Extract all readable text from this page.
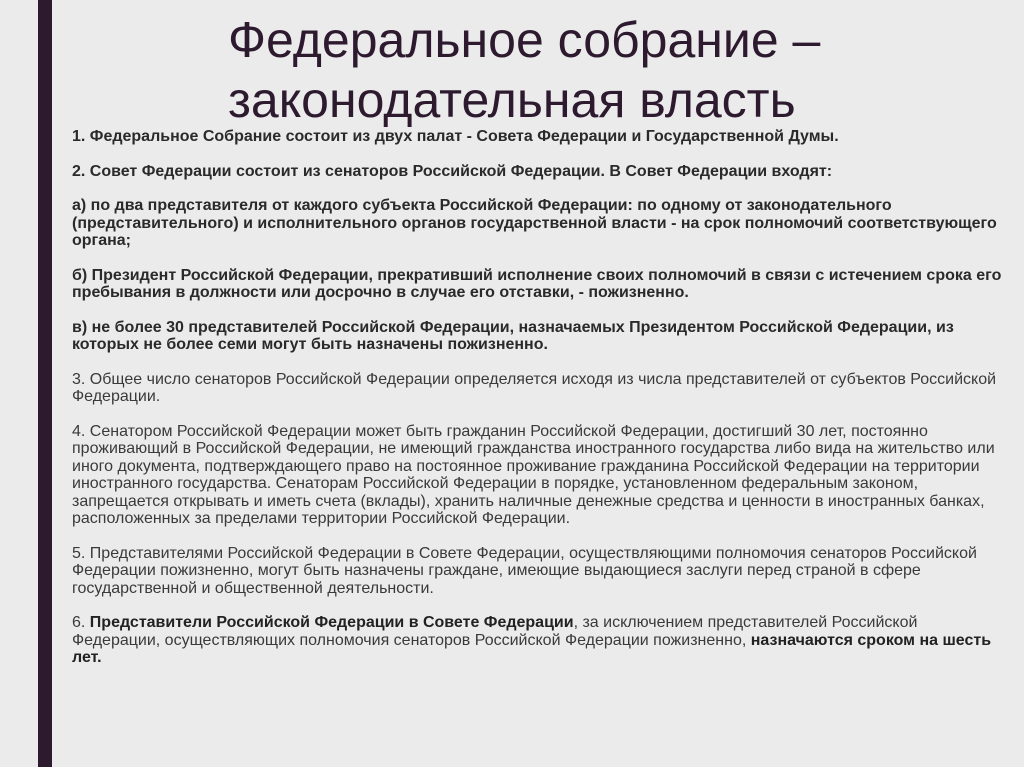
Федеральное собрание –
законодательная власть

1. Федеральное Собрание состоит из двух палат - Совета Федерации и Государственной Думы.

2. Совет Федерации состоит из сенаторов Российской Федерации. В Совет Федерации входят:

а) по два представителя от каждого субъекта Российской Федерации: по одному от законодательного (представительного) и исполнительного органов государственной власти - на срок полномочий соответствующего органа;

б) Президент Российской Федерации, прекративший исполнение своих полномочий в связи с истечением срока его пребывания в должности или досрочно в случае его отставки, - пожизненно.

в) не более 30 представителей Российской Федерации, назначаемых Президентом Российской Федерации, из которых не более семи могут быть назначены пожизненно.

3. Общее число сенаторов Российской Федерации определяется исходя из числа представителей от субъектов Российской Федерации.

4. Сенатором Российской Федерации может быть гражданин Российской Федерации, достигший 30 лет, постоянно проживающий в Российской Федерации, не имеющий гражданства иностранного государства либо вида на жительство или иного документа, подтверждающего право на постоянное проживание гражданина Российской Федерации на территории иностранного государства. Сенаторам Российской Федерации в порядке, установленном федеральным законом, запрещается открывать и иметь счета (вклады), хранить наличные денежные средства и ценности в иностранных банках, расположенных за пределами территории Российской Федерации.

5. Представителями Российской Федерации в Совете Федерации, осуществляющими полномочия сенаторов Российской Федерации пожизненно, могут быть назначены граждане, имеющие выдающиеся заслуги перед страной в сфере государственной и общественной деятельности.

6. Представители Российской Федерации в Совете Федерации, за исключением представителей Российской Федерации, осуществляющих полномочия сенаторов Российской Федерации пожизненно, назначаются сроком на шесть лет.
